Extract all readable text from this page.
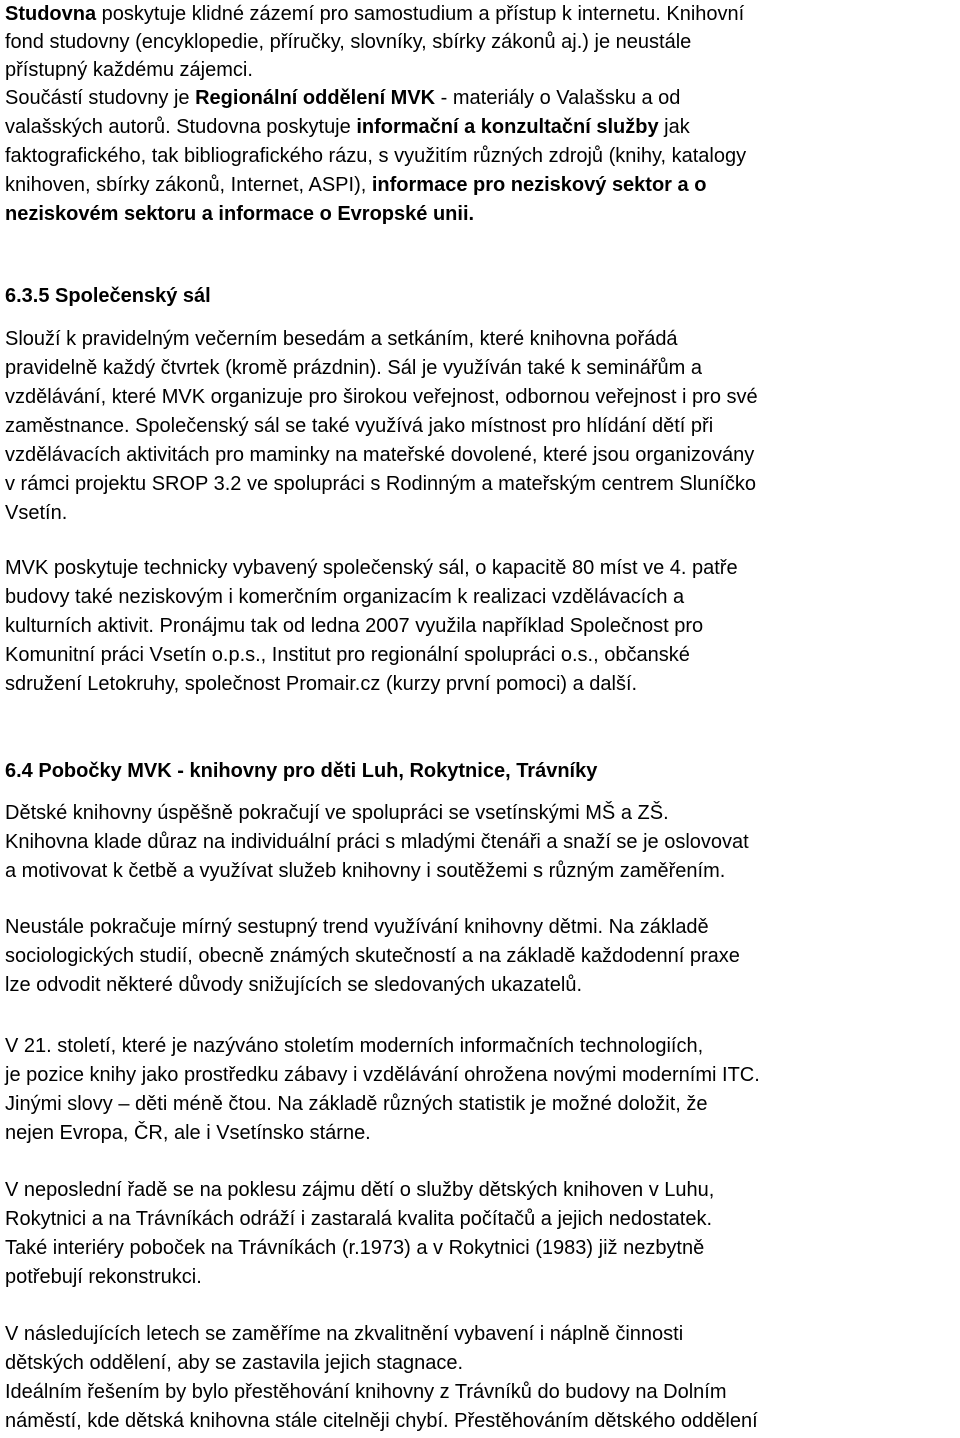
Studovna poskytuje klidné zázemí pro samostudium a přístup k internetu. Knihovní
fond studovny (encyklopedie, příručky, slovníky, sbírky zákonů aj.) je neustále
přístupný každému zájemci.
Součástí studovny je Regionální oddělení MVK - materiály o Valašsku a od
valašských autorů. Studovna poskytuje informační a konzultační služby jak
faktografického, tak bibliografického rázu, s využitím různých zdrojů (knihy, katalogy
knihoven, sbírky zákonů, Internet, ASPI), informace pro neziskový sektor a o
neziskovém sektoru a informace o Evropské unii.
6.3.5 Společenský sál
Slouží k pravidelným večerním besedám a setkáním, které knihovna pořádá
pravidelně každý čtvrtek (kromě prázdnin). Sál je využíván také k seminářům a
vzdělávání, které MVK organizuje pro širokou veřejnost, odbornou veřejnost i pro své
zaměstnance. Společenský sál se také využívá jako místnost pro hlídání dětí při
vzdělávacích aktivitách pro maminky na mateřské dovolené, které jsou organizovány
v rámci projektu SROP 3.2 ve spolupráci s Rodinným a mateřským centrem Sluníčko
Vsetín.
MVK poskytuje technicky vybavený společenský sál, o kapacitě 80 míst ve 4. patře
budovy také neziskovým i komerčním organizacím k realizaci vzdělávacích a
kulturních aktivit. Pronájmu tak od ledna 2007 využila například Společnost pro
Komunitní práci Vsetín o.p.s., Institut pro regionální spolupráci o.s., občanské
sdružení Letokruhy, společnost Promair.cz (kurzy první pomoci) a další.
6.4 Pobočky MVK - knihovny pro děti Luh, Rokytnice, Trávníky
Dětské knihovny úspěšně pokračují ve spolupráci se vsetínskými MŠ a ZŠ.
Knihovna klade důraz na individuální práci s mladými čtenáři a snaží se je oslovovat
a motivovat k četbě a využívat služeb knihovny i soutěžemi s různým zaměřením.
Neustále pokračuje mírný sestupný trend využívání knihovny dětmi. Na základě
sociologických studií, obecně známých skutečností a na základě každodenní praxe
lze odvodit některé důvody snižujících se sledovaných ukazatelů.
V 21. století, které je nazýváno stoletím moderních informačních technologiích,
je pozice knihy jako prostředku zábavy i vzdělávání ohrožena novými moderními ITC.
Jinými slovy – děti méně čtou. Na základě různých statistik je možné doložit, že
nejen Evropa, ČR, ale i Vsetínsko stárne.
V neposlední řadě se na poklesu zájmu dětí o služby dětských knihoven v Luhu,
Rokytnici a na Trávníkách odráží i zastaralá kvalita počítačů a jejich nedostatek.
Také interiéry poboček na Trávníkách (r.1973) a v Rokytnici (1983) již nezbytně
potřebují rekonstrukci.
V následujících letech se zaměříme na zkvalitnění vybavení i náplně činnosti
dětských oddělení, aby se zastavila jejich stagnace.
Ideálním řešením by bylo přestěhování knihovny z Trávníků do budovy na Dolním
náměstí, kde dětská knihovna stále citelněji chybí. Přestěhováním dětského oddělení
